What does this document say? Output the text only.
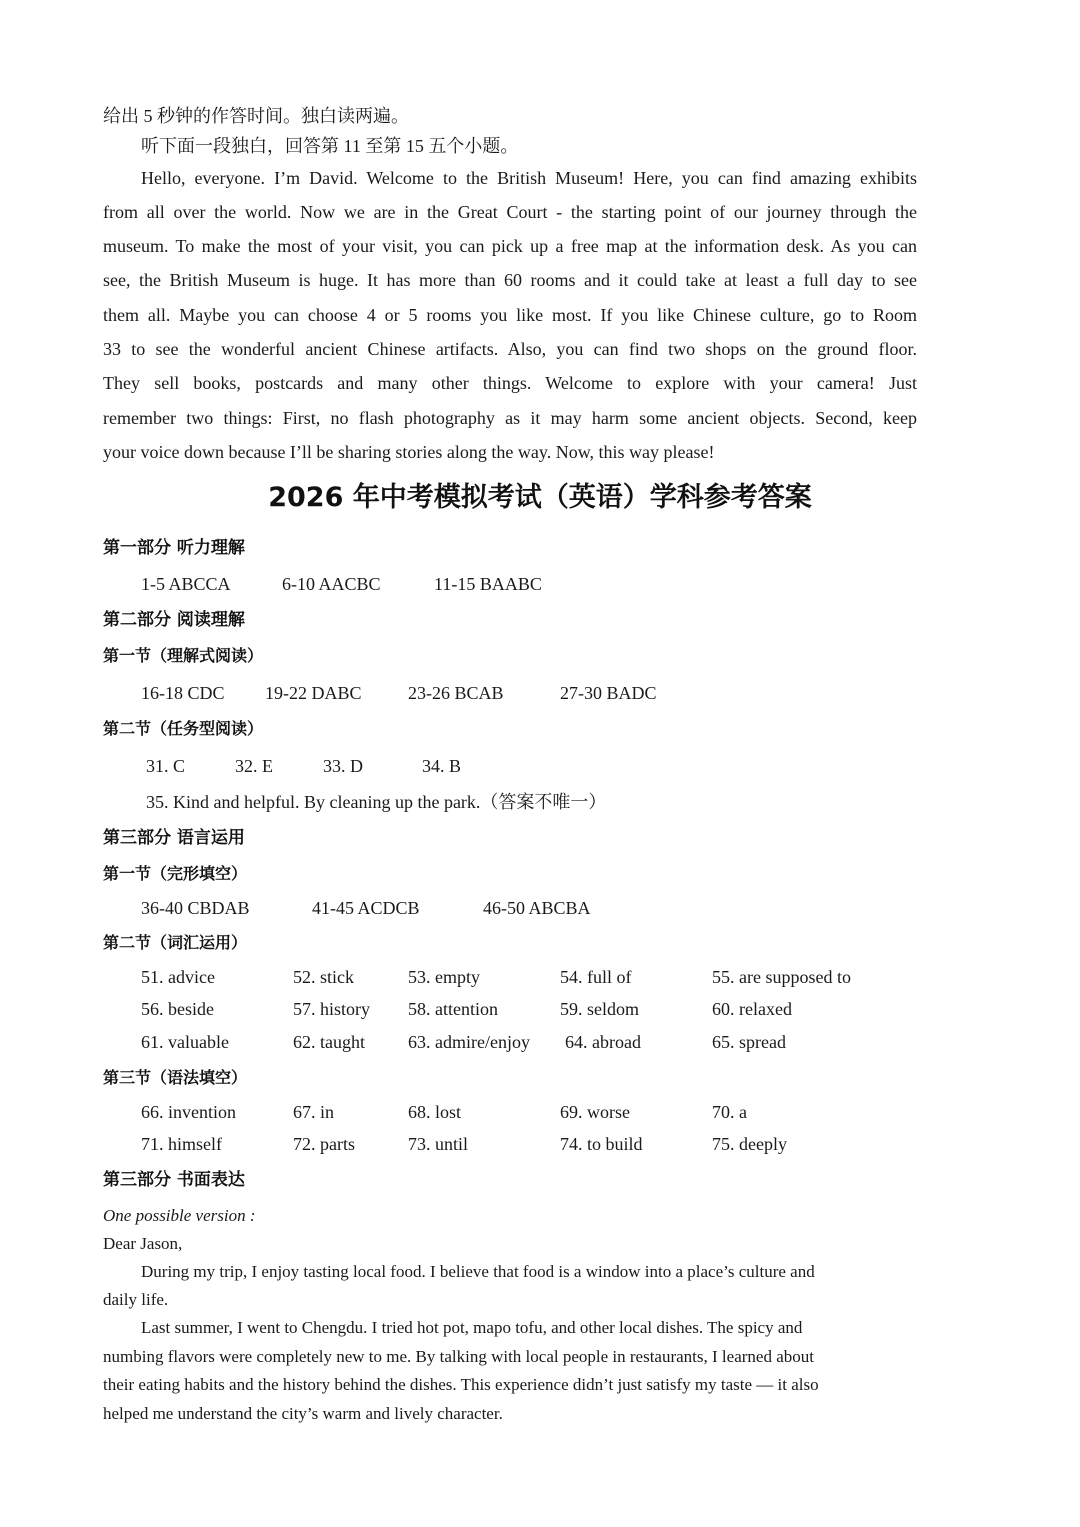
给出 5 秒钟的作答时间。独白读两遍。
听下面一段独白，回答第 11 至第 15 五个小题。
Hello, everyone. I’m David. Welcome to the British Museum! Here, you can find amazing exhibits
from all over the world. Now we are in the Great Court - the starting point of our journey through the
museum. To make the most of your visit, you can pick up a free map at the information desk. As you can
see, the British Museum is huge. It has more than 60 rooms and it could take at least a full day to see
them all. Maybe you can choose 4 or 5 rooms you like most. If you like Chinese culture, go to Room
33 to see the wonderful ancient Chinese artifacts. Also, you can find two shops on the ground floor.
They sell books, postcards and many other things. Welcome to explore with your camera! Just
remember two things: First, no flash photography as it may harm some ancient objects. Second, keep
your voice down because I’ll be sharing stories along the way. Now, this way please!
2026 年中考模拟考试（英语）学科参考答案
第一部分 听力理解
1-5 ABCCA	6-10 AACBC	11-15 BAABC
第二部分 阅读理解
第一节（理解式阅读）
16-18 CDC 19-22 DABC	23-26 BCAB	27-30 BADC
第二节（任务型阅读）
31. C	32. E	33. D	34. B
35. Kind and helpful. By cleaning up the park.（答案不唯一）
第三部分 语言运用
第一节（完形填空）
36-40 CBDAB	41-45 ACDCB	46-50 ABCBA
第二节（词汇运用）
51. advice	52. stick	53. empty	54. full of	55. are supposed to
56. beside	57. history 58. attention	59. seldom	60. relaxed
61. valuable	62. taught 63. admire/enjoy 64. abroad	65. spread
第三节（语法填空）
66. invention	67. in	68. lost	69. worse	70. a
71. himself	72. parts	73. until	74. to build	75. deeply
第三部分 书面表达
One possible version :
Dear Jason,
During my trip, I enjoy tasting local food. I believe that food is a window into a place’s culture and
daily life.
Last summer, I went to Chengdu. I tried hot pot, mapo tofu, and other local dishes. The spicy and
numbing flavors were completely new to me. By talking with local people in restaurants, I learned about
their eating habits and the history behind the dishes. This experience didn’t just satisfy my taste — it also
helped me understand the city’s warm and lively character.
